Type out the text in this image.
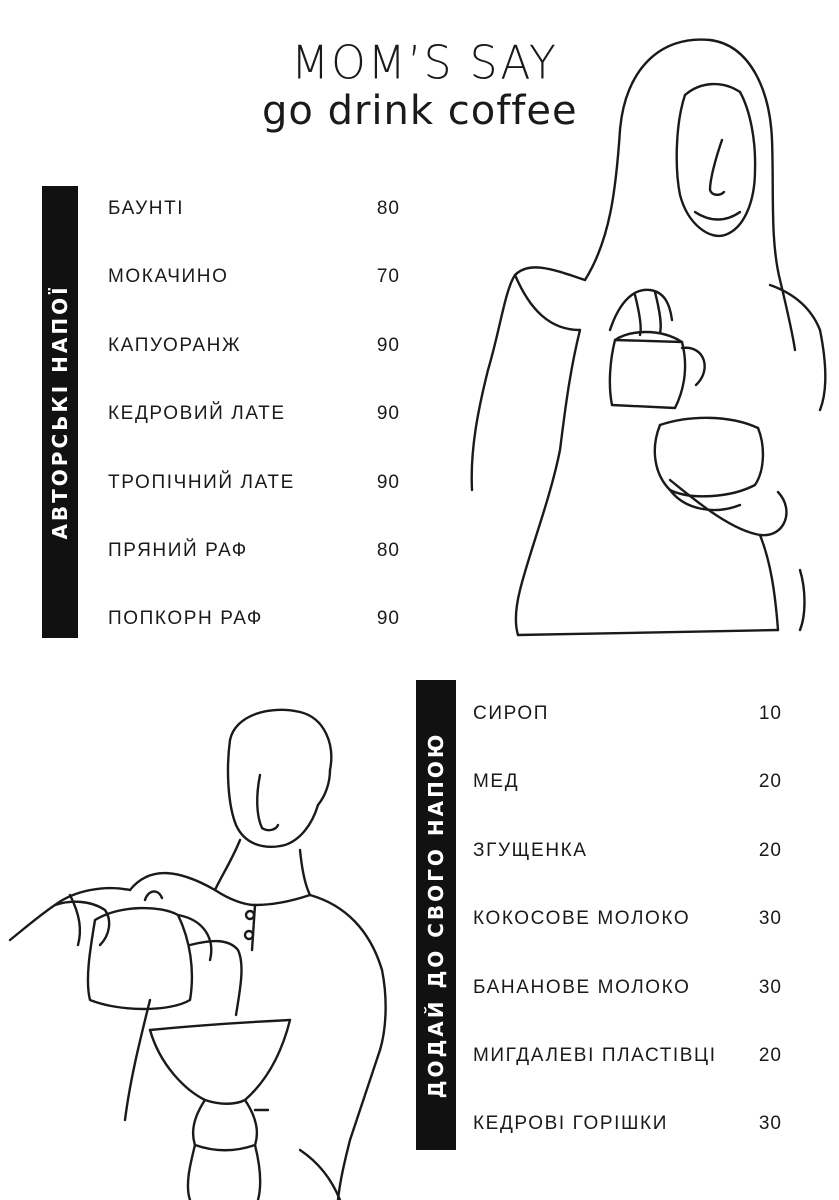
MOM’S SAY
go drink coffee
АВТОРСЬКІ НАПОЇ
БАУНТІ	80
МОКАЧИНО	70
КАПУОРАНЖ	90
КЕДРОВИЙ ЛАТЕ	90
ТРОПІЧНИЙ ЛАТЕ	90
ПРЯНИЙ РАФ	80
ПОПКОРН РАФ	90
ДОДАЙ ДО СВОГО НАПОЮ
СИРОП	10
МЕД	20
ЗГУЩЕНКА	20
КОКОСОВЕ МОЛОКО	30
БАНАНОВЕ МОЛОКО	30
МИГДАЛЕВІ ПЛАСТІВЦІ	20
КЕДРОВІ ГОРІШКИ	30
